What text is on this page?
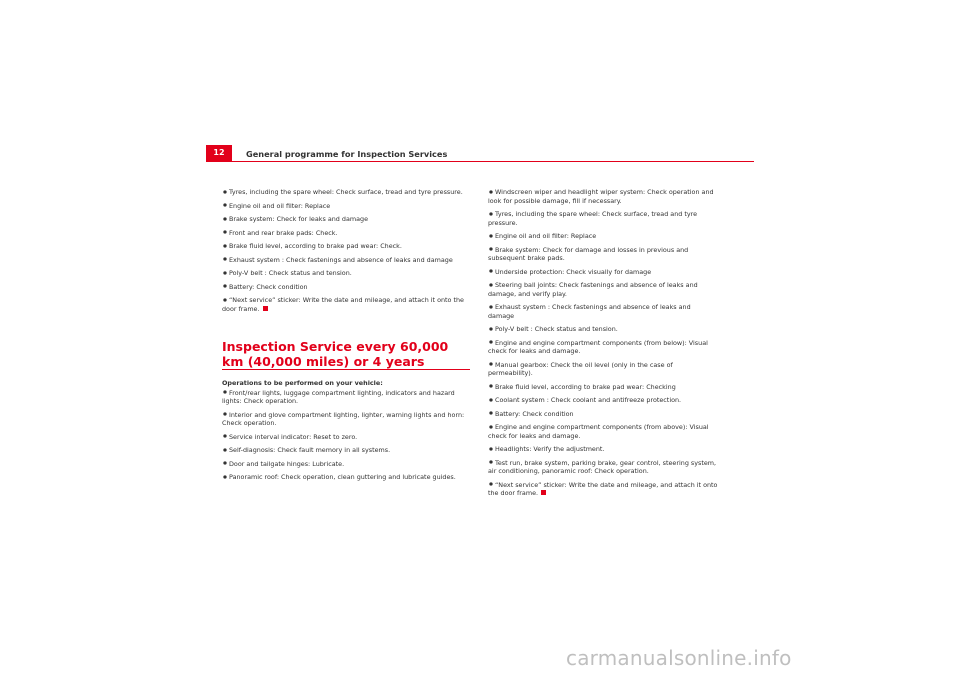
12	General programme for Inspection Services
Tyres, including the spare wheel: Check surface, tread and tyre pressure.
Engine oil and oil filter: Replace
Brake system: Check for leaks and damage
Front and rear brake pads: Check.
Brake fluid level, according to brake pad wear: Check.
Exhaust system : Check fastenings and absence of leaks and damage
Poly-V belt : Check status and tension.
Battery: Check condition
“Next service” sticker: Write the date and mileage, and attach it onto the door frame.
Inspection Service every 60,000 km (40,000 miles) or 4 years
Operations to be performed on your vehicle:
Front/rear lights, luggage compartment lighting, indicators and hazard lights: Check operation.
Interior and glove compartment lighting, lighter, warning lights and horn: Check operation.
Service interval indicator: Reset to zero.
Self-diagnosis: Check fault memory in all systems.
Door and tailgate hinges: Lubricate.
Panoramic roof: Check operation, clean guttering and lubricate guides.
Windscreen wiper and headlight wiper system: Check operation and look for possible damage, fill if necessary.
Tyres, including the spare wheel: Check surface, tread and tyre pressure.
Engine oil and oil filter: Replace
Brake system: Check for damage and losses in previous and subsequent brake pads.
Underside protection: Check visually for damage
Steering ball joints: Check fastenings and absence of leaks and damage, and verify play.
Exhaust system : Check fastenings and absence of leaks and damage
Poly-V belt : Check status and tension.
Engine and engine compartment components (from below): Visual check for leaks and damage.
Manual gearbox: Check the oil level (only in the case of permeability).
Brake fluid level, according to brake pad wear: Checking
Coolant system : Check coolant and antifreeze protection.
Battery: Check condition
Engine and engine compartment components (from above): Visual check for leaks and damage.
Headlights: Verify the adjustment.
Test run, brake system, parking brake, gear control, steering system, air conditioning, panoramic roof: Check operation.
“Next service” sticker: Write the date and mileage, and attach it onto the door frame.
carmanualsonline.info
